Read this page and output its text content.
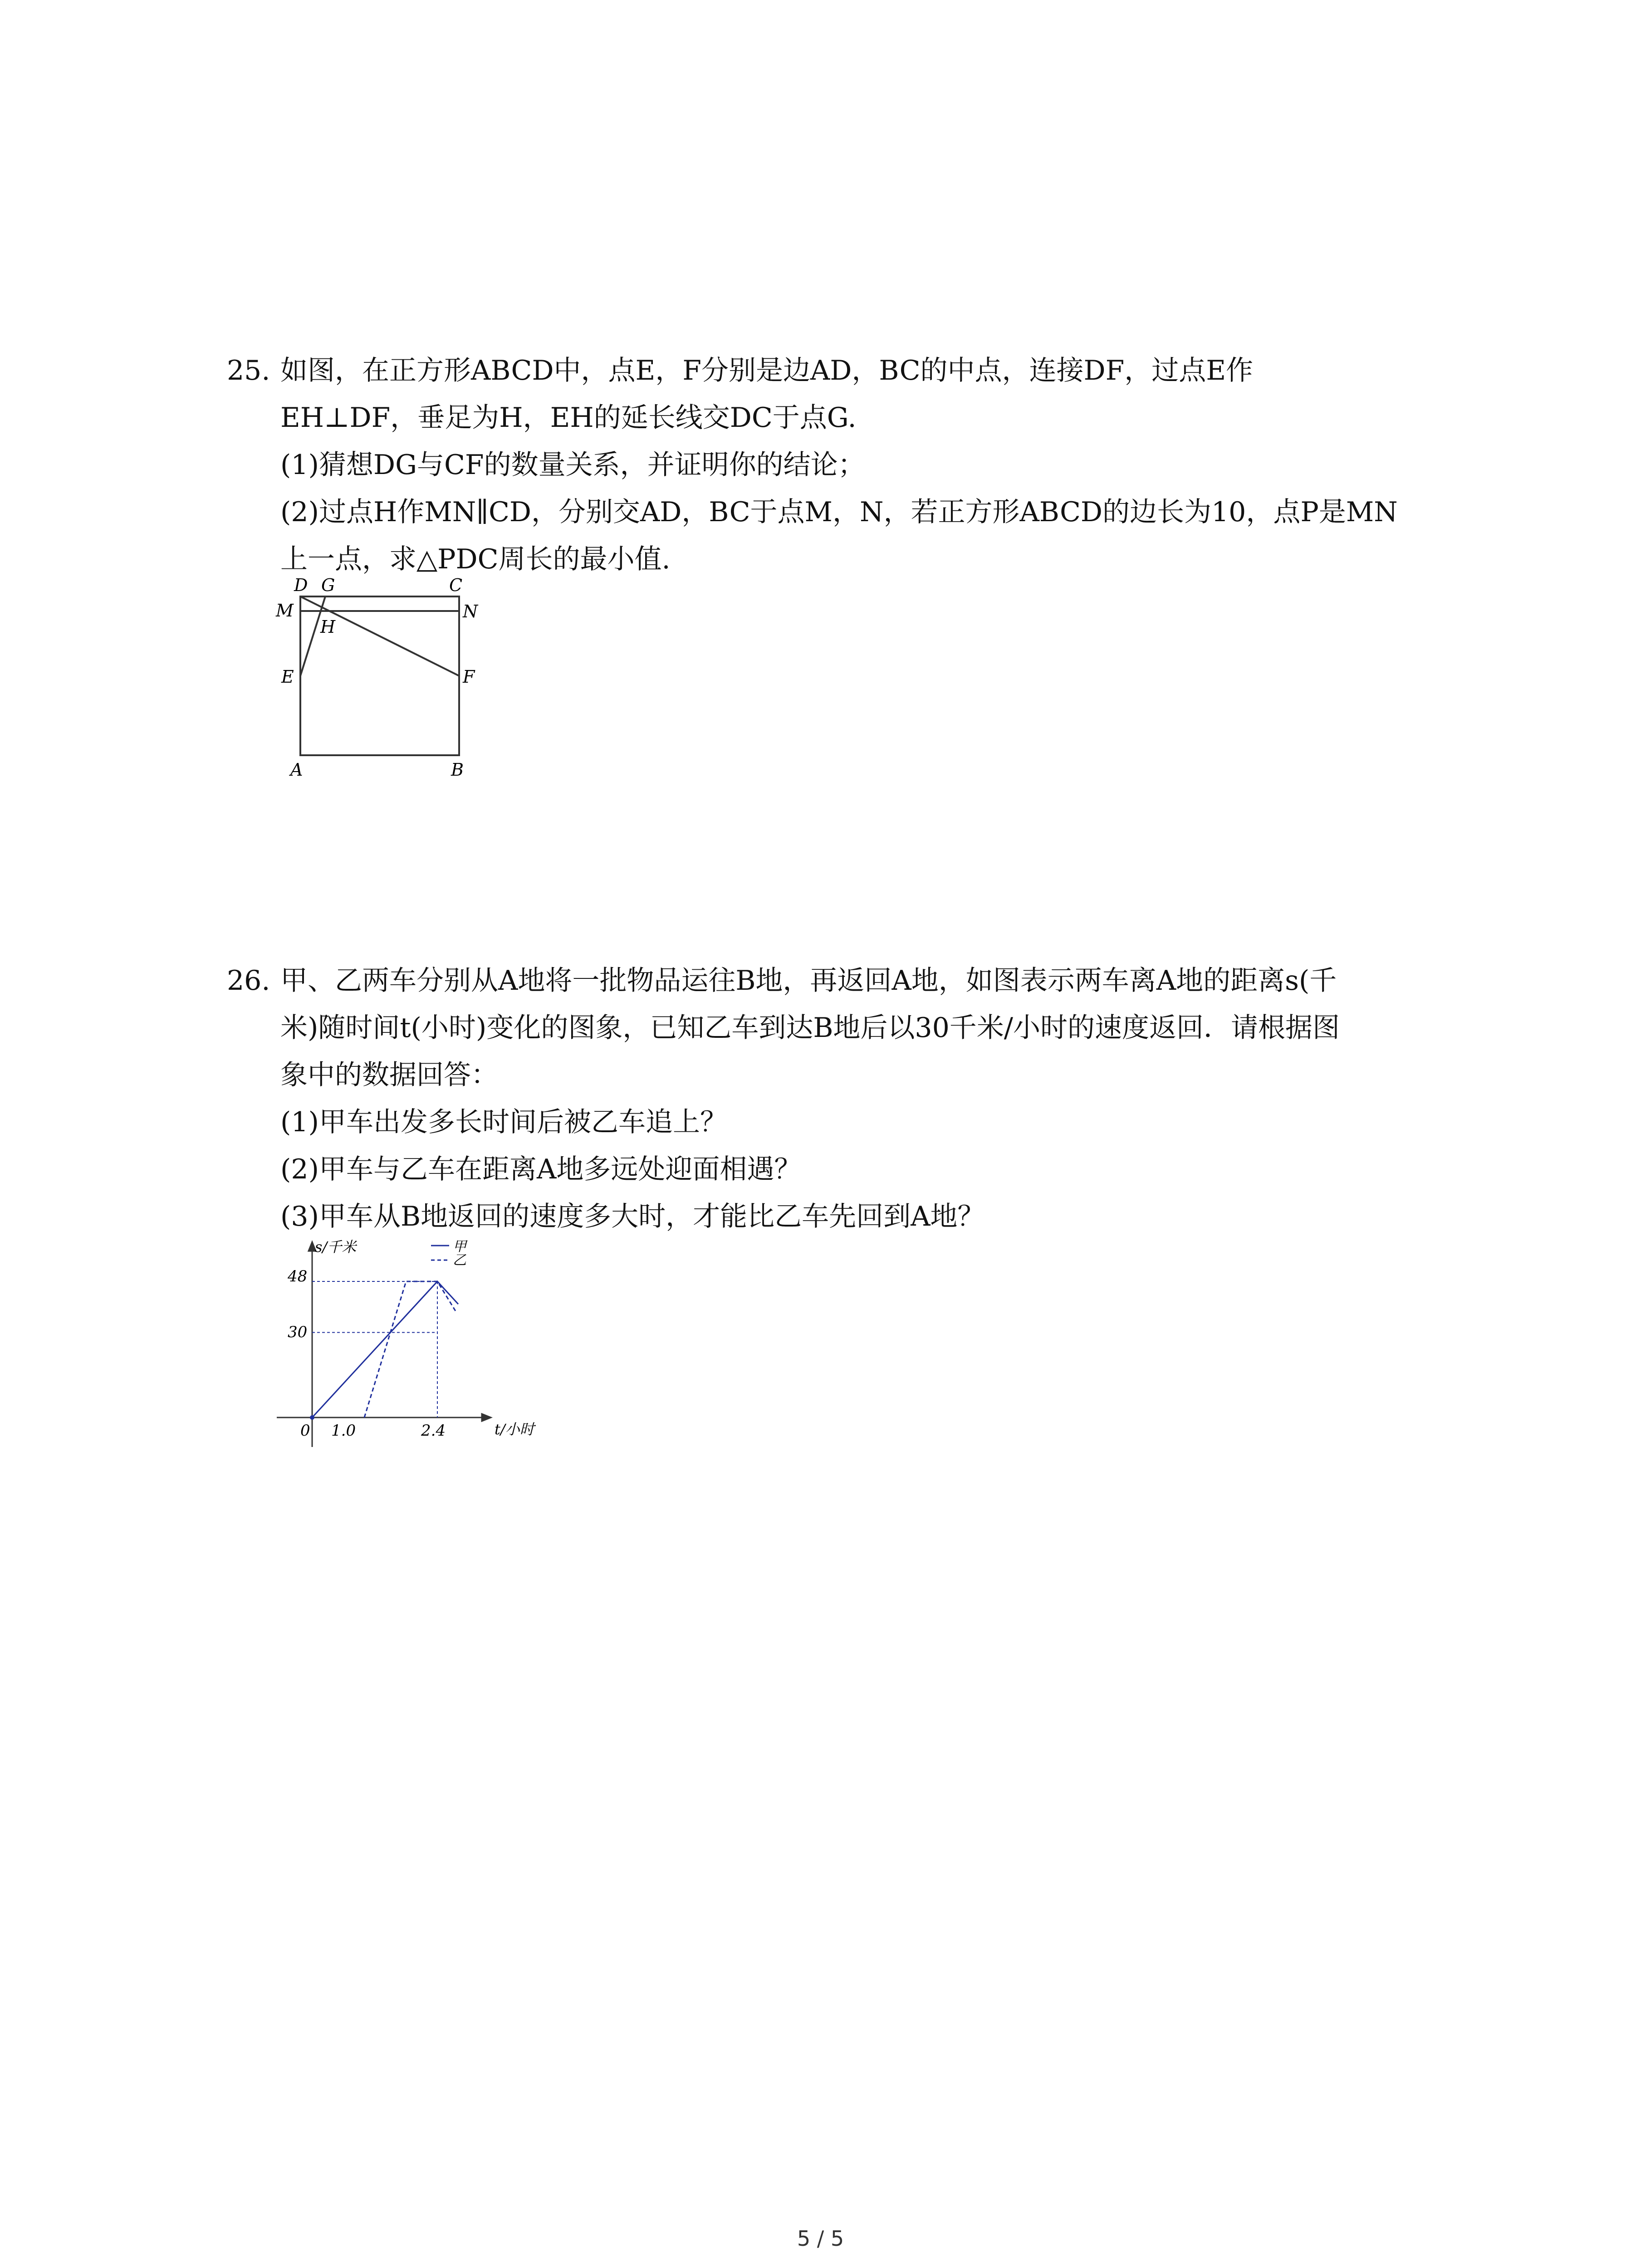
25. 如图，在正方形ABCD中，点E，F分别是边AD，BC的中点，连接DF，过点E作
EH⊥DF，垂足为H，EH的延长线交DC于点G.
(1)猜想DG与CF的数量关系，并证明你的结论；
(2)过点H作MN∥CD，分别交AD，BC于点M，N，若正方形ABCD的边长为10，点P是MN
上一点，求△PDC周长的最小值.
D G	C
M	N
H
E	F
A	B
26. 甲、乙两车分别从A地将一批物品运往B地，再返回A地，如图表示两车离A地的距离s(千
米)随时间t(小时)变化的图象，已知乙车到达B地后以30千米/小时的速度返回．请根据图
象中的数据回答：
(1)甲车出发多长时间后被乙车追上？
(2)甲车与乙车在距离A地多远处迎面相遇？
(3)甲车从B地返回的速度多大时，才能比乙车先回到A地？
s/千米
t/小时
0 1.0	2.4
48
30
甲
乙
5 / 5
